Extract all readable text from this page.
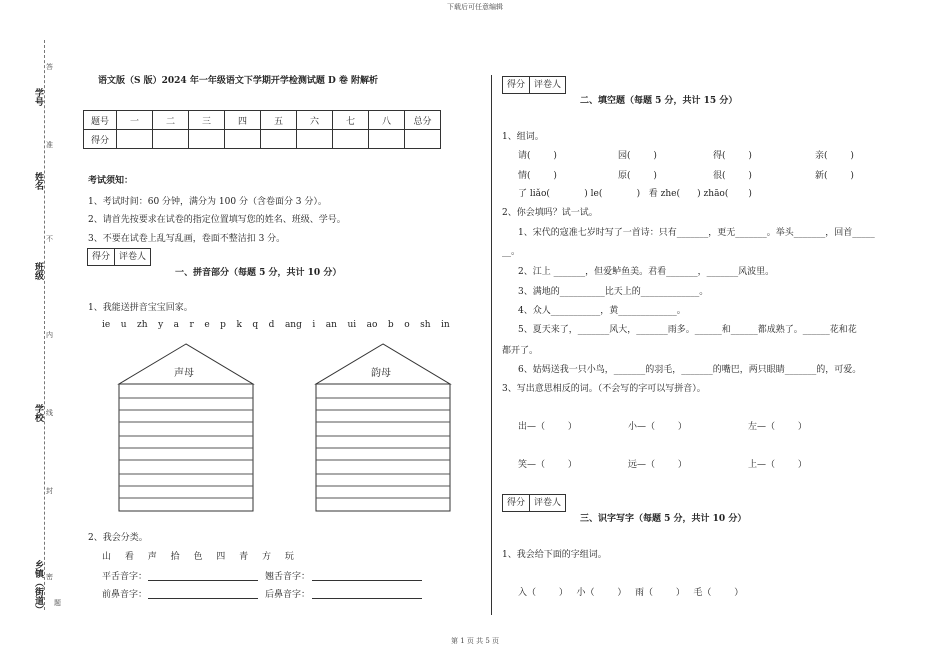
下载后可任意编辑
第 1 页 共 5 页
学号
姓名
班级
学校
乡镇（街道）
答
准
不
内
线
封
密
题
语文版（S 版）2024 年一年级语文下学期开学检测试题 D 卷 附解析
题号	一	二	三	四	五	六	七	八	总分
得分									
考试须知：
1、考试时间：60 分钟，满分为 100 分（含卷面分 3 分）。
2、请首先按要求在试卷的指定位置填写您的姓名、班级、学号。
3、不要在试卷上乱写乱画，卷面不整洁扣 3 分。
得分	评卷人
一、拼音部分（每题 5 分，共计 10 分）
1、我能送拼音宝宝回家。
ie u zh y a r e p k q d ang i an ui ao b o sh in
声母	韵母
2、我会分类。
山 看 声 拾 色 四 青 方 玩
平舌音字：	翘舌音字：
前鼻音字：	后鼻音字：
得分	评卷人
二、填空题（每题 5 分，共计 15 分）
1、组词。
请(        )	园(        )	得(        )	亲(        )
情(        )	原(        )	很(        )	新(        )
了 liǎo(            ) le(            )   看 zhe(      ) zhāo(       )
2、你会填吗？试一试。
1、宋代的寇准七岁时写了一首诗：只有_______，更无_______。举头_______，回首_____
__。
2、江上 _______，但爱鲈鱼美。君看_______，_______风波里。
3、满地的__________比天上的_____________。
4、众人___________，黄_____________。
5、夏天来了，_______风大，_______雨多。______和______都成熟了。______花和花
都开了。
6、姑妈送我一只小鸟，_______的羽毛，_______的嘴巴，两只眼睛_______的，可爱。
3、写出意思相反的词。（不会写的字可以写拼音）。
出—（        ）	小—（        ）	左—（        ）
笑—（        ）	远—（        ）	上—（        ）
得分	评卷人
三、识字写字（每题 5 分，共计 10 分）
1、我会给下面的字组词。
入（        ）   小（        ）   雨（        ）   毛（        ）
